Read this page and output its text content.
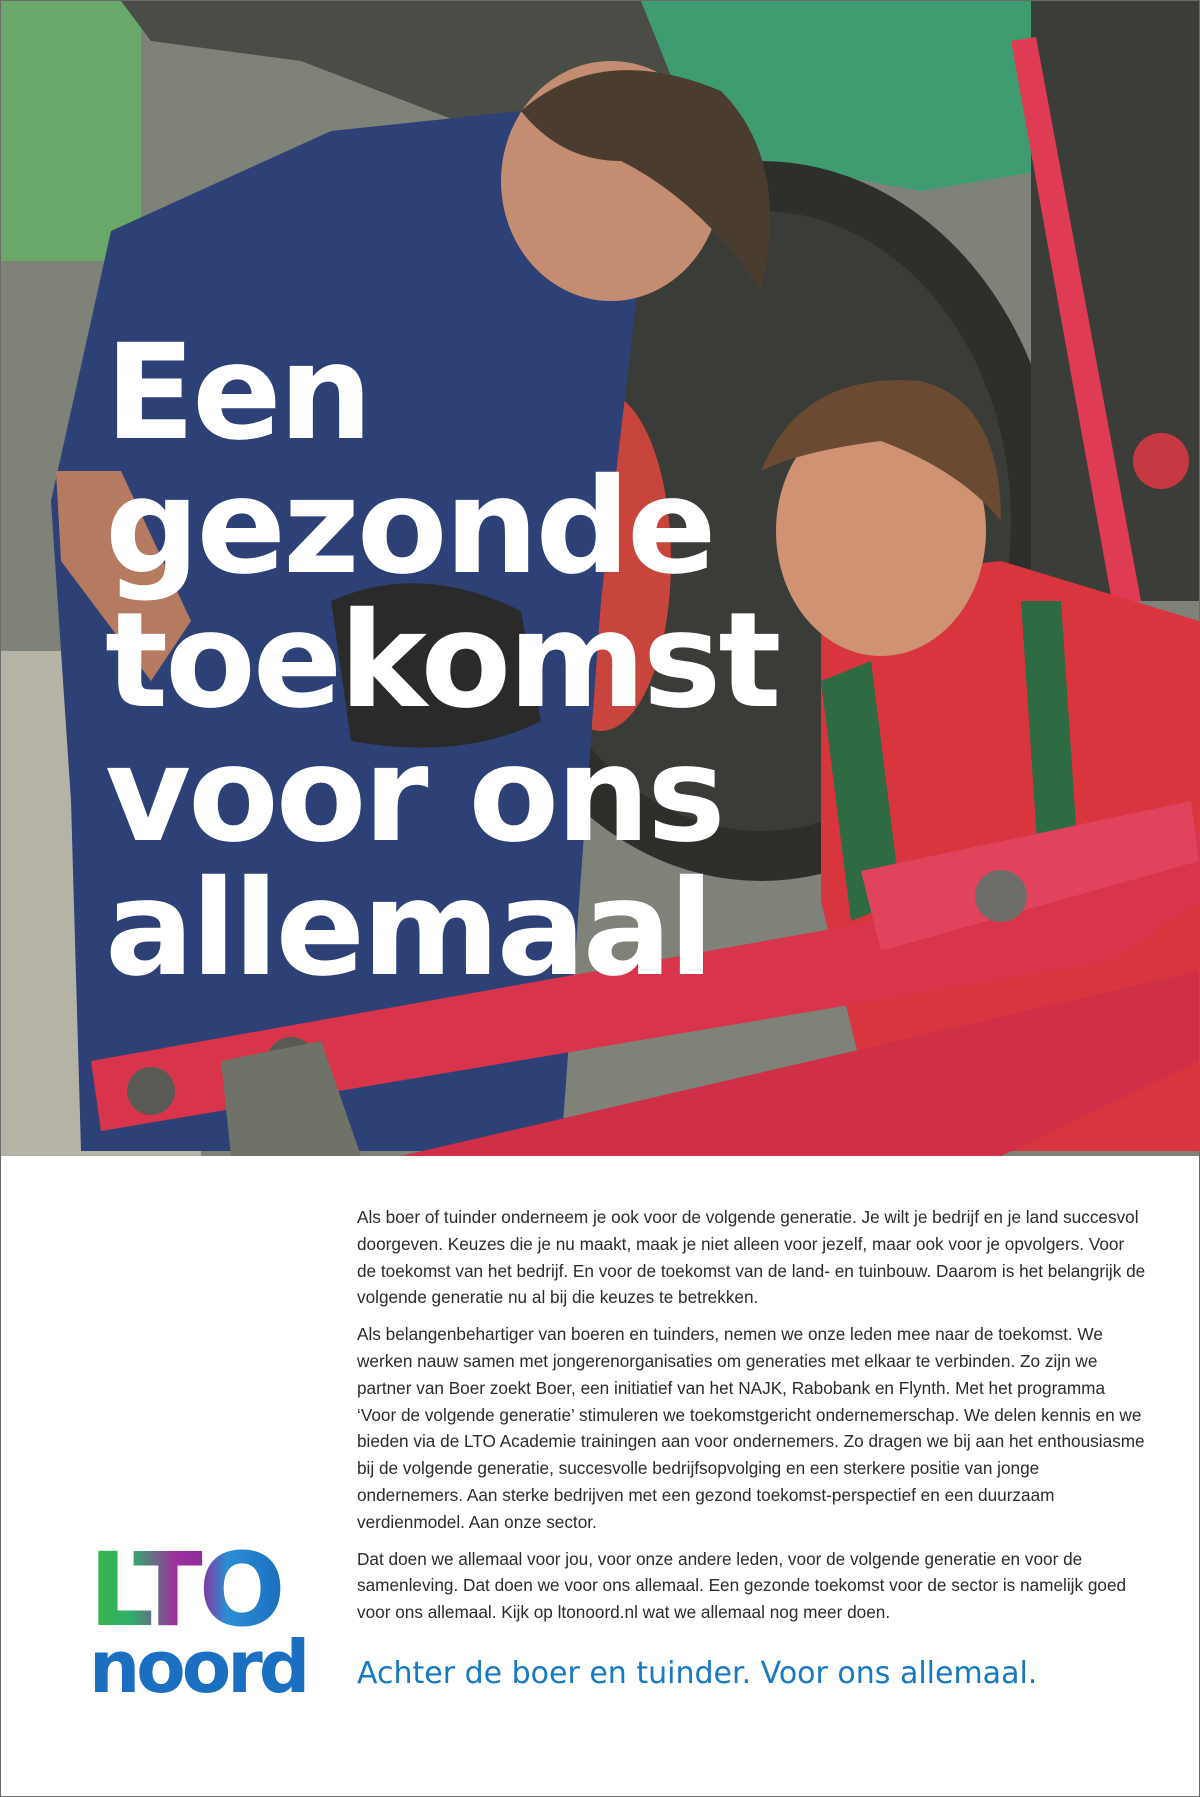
Een
gezonde
toekomst
voor ons
allemaal
LTO
noord

Als boer of tuinder onderneem je ook voor de volgende generatie. Je wilt je bedrijf en je land succesvol doorgeven. Keuzes die je nu maakt, maak je niet alleen voor jezelf, maar ook voor je opvolgers. Voor de toekomst van het bedrijf. En voor de toekomst van de land- en tuinbouw. Daarom is het belangrijk de volgende generatie nu al bij die keuzes te betrekken.

Als belangenbehartiger van boeren en tuinders, nemen we onze leden mee naar de toekomst. We werken nauw samen met jongerenorganisaties om generaties met elkaar te verbinden. Zo zijn we partner van Boer zoekt Boer, een initiatief van het NAJK, Rabobank en Flynth. Met het programma ‘Voor de volgende generatie’ stimuleren we toekomstgericht ondernemerschap. We delen kennis en we bieden via de LTO Academie trainingen aan voor ondernemers. Zo dragen we bij aan het enthousiasme bij de volgende generatie, succesvolle bedrijfsopvolging en een sterkere positie van jonge ondernemers. Aan sterke bedrijven met een gezond toekomst-perspectief en een duurzaam verdienmodel. Aan onze sector.

Dat doen we allemaal voor jou, voor onze andere leden, voor de volgende generatie en voor de samenleving. Dat doen we voor ons allemaal. Een gezonde toekomst voor de sector is namelijk goed voor ons allemaal. Kijk op ltonoord.nl wat we allemaal nog meer doen.

Achter de boer en tuinder. Voor ons allemaal.
